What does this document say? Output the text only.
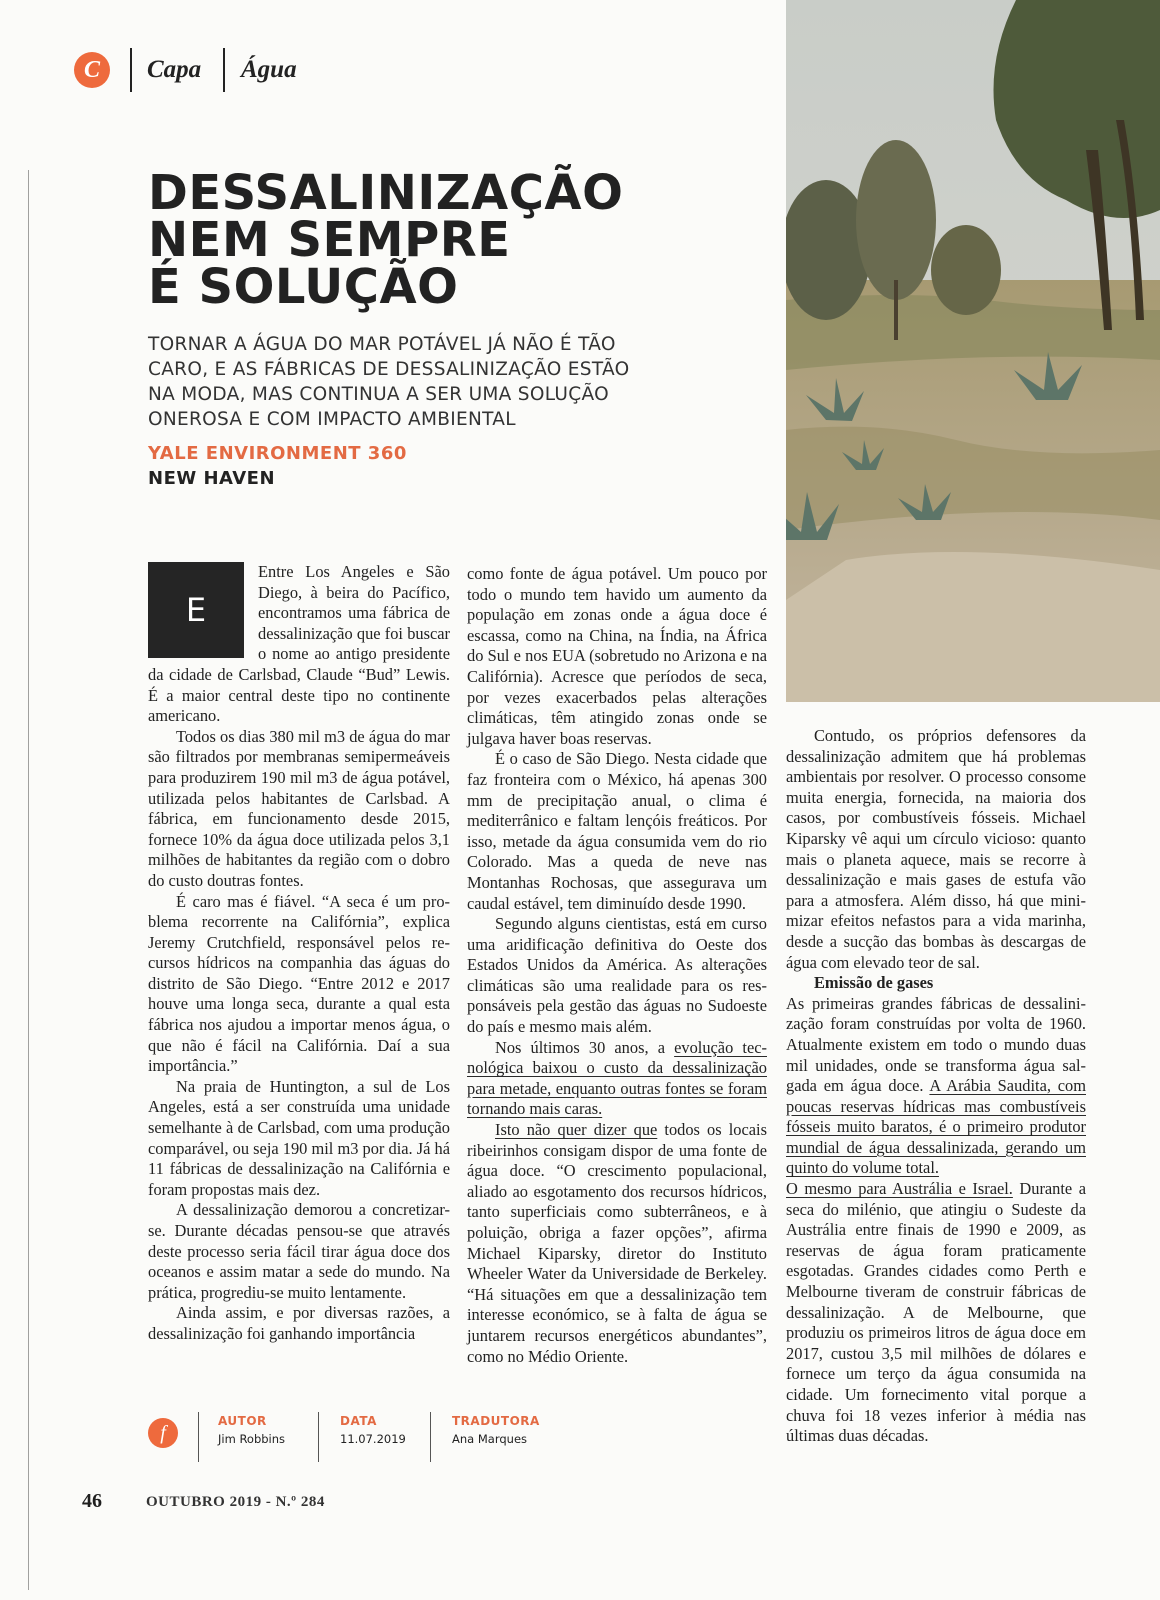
C	Capa Água
DESSALINIZAÇÃO
NEM SEMPRE
É SOLUÇÃO
TORNAR A ÁGUA DO MAR POTÁVEL JÁ NÃO É TÃO CARO, E AS FÁBRICAS DE DESSALINIZAÇÃO ESTÃO NA MODA, MAS CONTINUA A SER UMA SOLUÇÃO ONEROSA E COM IMPACTO AMBIENTAL
YALE ENVIRONMENT 360
NEW HAVEN
E

Entre Los Angeles e São Diego, à beira do Pacífico, encontramos uma fábrica de dessalinização que foi buscar o nome ao antigo presidente da cidade de Carlsbad, Claude “Bud” Lewis. É a maior central deste tipo no continente americano.

Todos os dias 380 mil m3 de água do mar são filtrados por membranas semipermeáveis para produzirem 190 mil m3 de água potável, utilizada pelos habitantes de Carlsbad. A fábrica, em funcionamento desde 2015, fornece 10% da água doce utilizada pelos 3,1 milhões de habitantes da região com o dobro do custo doutras fontes.

É caro mas é fiável. “A seca é um problema recorrente na Califórnia”, explica Jeremy Crutchfield, responsável pelos recursos hídricos na companhia das águas do distrito de São Diego. “Entre 2012 e 2017 houve uma longa seca, durante a qual esta fábrica nos ajudou a importar menos água, o que não é fácil na Califórnia. Daí a sua importância.”

Na praia de Huntington, a sul de Los Angeles, está a ser construída uma unidade semelhante à de Carlsbad, com uma produção comparável, ou seja 190 mil m3 por dia. Já há 11 fábricas de dessalinização na Califórnia e foram propostas mais dez.

A dessalinização demorou a concretizar-se. Durante décadas pensou-se que através deste processo seria fácil tirar água doce dos oceanos e assim matar a sede do mundo. Na prática, progrediu-se muito lentamente.

Ainda assim, e por diversas razões, a dessalinização foi ganhando importância

como fonte de água potável. Um pouco por todo o mundo tem havido um aumento da população em zonas onde a água doce é escassa, como na China, na Índia, na África do Sul e nos EUA (sobretudo no Arizona e na Califórnia). Acresce que períodos de seca, por vezes exacerbados pelas alterações climáticas, têm atingido zonas onde se julgava haver boas reservas.

É o caso de São Diego. Nesta cidade que faz fronteira com o México, há apenas 300 mm de precipitação anual, o clima é mediterrânico e faltam lençóis freáticos. Por isso, metade da água consumida vem do rio Colorado. Mas a queda de neve nas Montanhas Rochosas, que assegurava um caudal estável, tem diminuído desde 1990.

Segundo alguns cientistas, está em curso uma aridificação definitiva do Oeste dos Estados Unidos da América. As alterações climáticas são uma realidade para os responsáveis pela gestão das águas no Sudoeste do país e mesmo mais além.

Nos últimos 30 anos, a evolução tecnológica baixou o custo da dessalinização para metade, enquanto outras fontes se foram tornando mais caras.

Isto não quer dizer que todos os locais ribeirinhos consigam dispor de uma fonte de água doce. “O crescimento populacional, aliado ao esgotamento dos recursos hídricos, tanto superficiais como subterrâneos, e à poluição, obriga a fazer opções”, afirma Michael Kiparsky, diretor do Instituto Wheeler Water da Universidade de Berkeley. “Há situações em que a dessalinização tem interesse económico, se à falta de água se juntarem recursos energéticos abundantes”, como no Médio Oriente.

Contudo, os próprios defensores da dessalinização admitem que há problemas ambientais por resolver. O processo consome muita energia, fornecida, na maioria dos casos, por combustíveis fósseis. Michael Kiparsky vê aqui um círculo vicioso: quanto mais o planeta aquece, mais se recorre à dessalinização e mais gases de estufa vão para a atmosfera. Além disso, há que minimizar efeitos nefastos para a vida marinha, desde a sucção das bombas às descargas de água com elevado teor de sal.

Emissão de gases

As primeiras grandes fábricas de dessalinização foram construídas por volta de 1960. Atualmente existem em todo o mundo duas mil unidades, onde se transforma água salgada em água doce. A Arábia Saudita, com poucas reservas hídricas mas combustíveis fósseis muito baratos, é o primeiro produtor mundial de água dessalinizada, gerando um quinto do volume total.

O mesmo para Austrália e Israel. Durante a seca do milénio, que atingiu o Sudeste da Austrália entre finais de 1990 e 2009, as reservas de água foram praticamente esgotadas. Grandes cidades como Perth e Melbourne tiveram de construir fábricas de dessalinização. A de Melbourne, que produziu os primeiros litros de água doce em 2017, custou 3,5 mil milhões de dólares e fornece um terço da água consumida na cidade. Um fornecimento vital porque a chuva foi 18 vezes inferior à média nas últimas duas décadas.

f
AUTOR
Jim Robbins
DATA
11.07.2019
TRADUTORA
Ana Marques
46	OUTUBRO 2019 - N.º 284
